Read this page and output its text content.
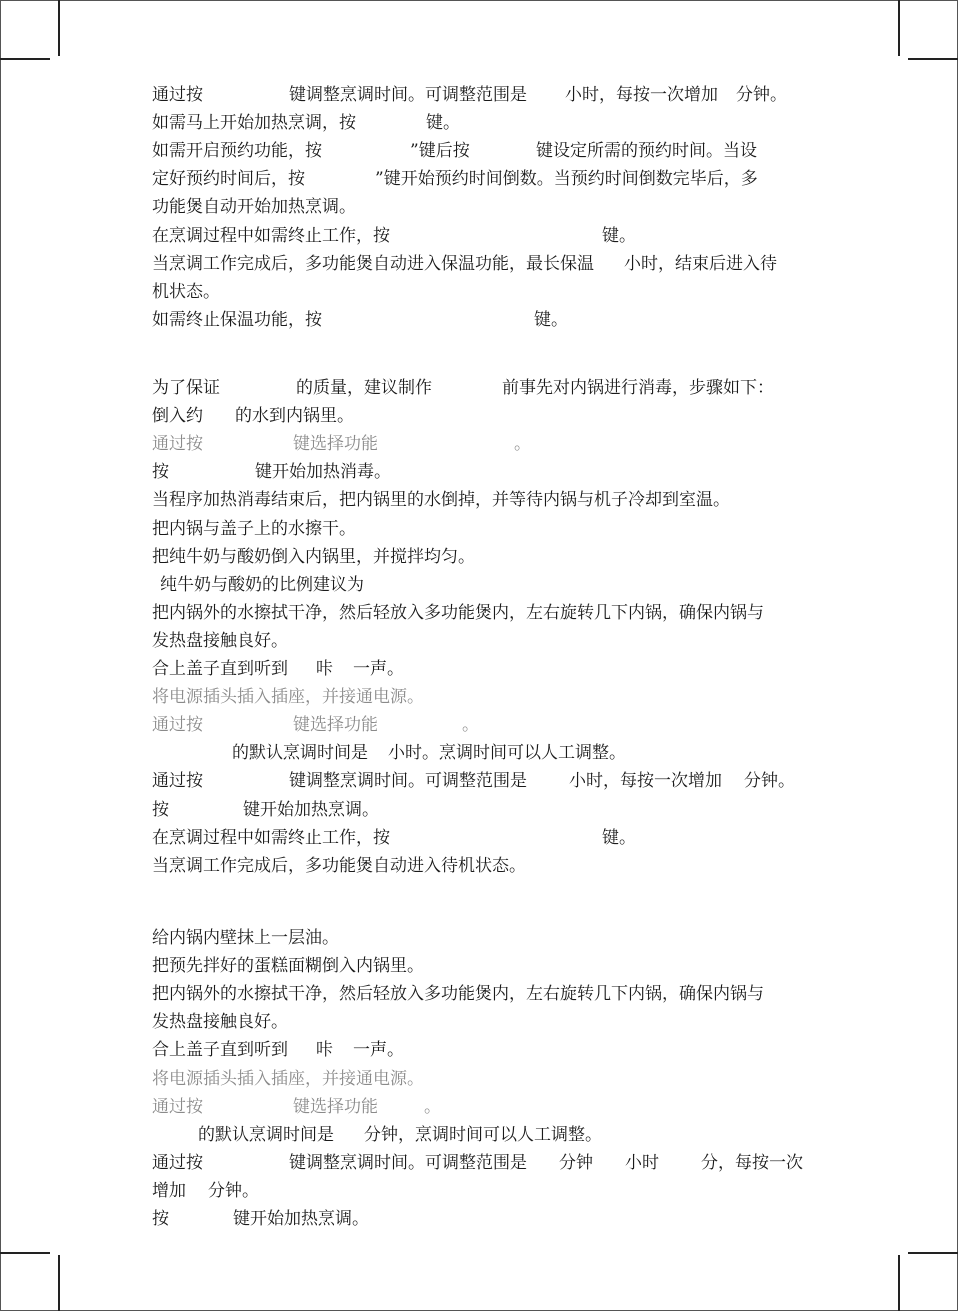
通过按	键调整烹调时间。可调整范围是 小时，每按一次增加 分钟。
如需马上开始加热烹调，按	键。
如需开启预约功能，按	”键后按	键设定所需的预约时间。当设
定好预约时间后，按	”键开始预约时间倒数。当预约时间倒数完毕后，多
功能煲自动开始加热烹调。
在烹调过程中如需终止工作，按	键。
当烹调工作完成后，多功能煲自动进入保温功能，最长保温 小时，结束后进入待
机状态。
如需终止保温功能，按	键。
为了保证	的质量，建议制作	前事先对内锅进行消毒，步骤如下：
倒入约 的水到内锅里。
通过按	键选择功能	。
按	键开始加热消毒。
当程序加热消毒结束后，把内锅里的水倒掉，并等待内锅与机子冷却到室温。
把内锅与盖子上的水擦干。
把纯牛奶与酸奶倒入内锅里，并搅拌均匀。
纯牛奶与酸奶的比例建议为
把内锅外的水擦拭干净，然后轻放入多功能煲内，左右旋转几下内锅，确保内锅与
发热盘接触良好。
合上盖子直到听到 咔 一声。
将电源插头插入插座，并接通电源。
通过按	键选择功能	。
的默认烹调时间是 小时。烹调时间可以人工调整。
通过按	键调整烹调时间。可调整范围是 小时，每按一次增加 分钟。
按	键开始加热烹调。
在烹调过程中如需终止工作，按	键。
当烹调工作完成后，多功能煲自动进入待机状态。
给内锅内壁抹上一层油。
把预先拌好的蛋糕面糊倒入内锅里。
把内锅外的水擦拭干净，然后轻放入多功能煲内，左右旋转几下内锅，确保内锅与
发热盘接触良好。
合上盖子直到听到 咔 一声。
将电源插头插入插座，并接通电源。
通过按	键选择功能	。
的默认烹调时间是 分钟，烹调时间可以人工调整。
通过按	键调整烹调时间。可调整范围是 分钟 小时 分，每按一次
增加 分钟。
按	键开始加热烹调。
